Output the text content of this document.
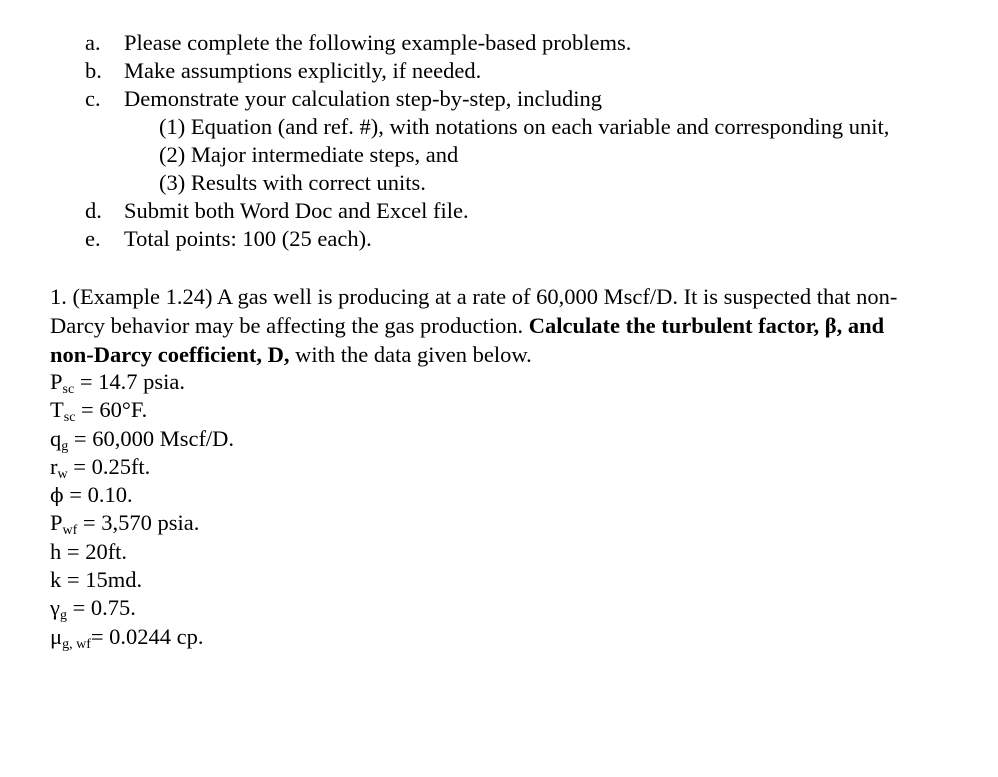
a. Please complete the following example-based problems.
b. Make assumptions explicitly, if needed.
c. Demonstrate your calculation step-by-step, including
(1) Equation (and ref. #), with notations on each variable and corresponding unit,
(2) Major intermediate steps, and
(3) Results with correct units.
d. Submit both Word Doc and Excel file.
e. Total points: 100 (25 each).
1. (Example 1.24) A gas well is producing at a rate of 60,000 Mscf/D. It is suspected that non-
Darcy behavior may be affecting the gas production. Calculate the turbulent factor, β, and
non-Darcy coefficient, D, with the data given below.
Psc = 14.7 psia.
Tsc = 60°F.
qg = 60,000 Mscf/D.
rw = 0.25ft.
ϕ = 0.10.
Pwf = 3,570 psia.
h = 20ft.
k = 15md.
γg = 0.75.
μg, wf= 0.0244 cp.
